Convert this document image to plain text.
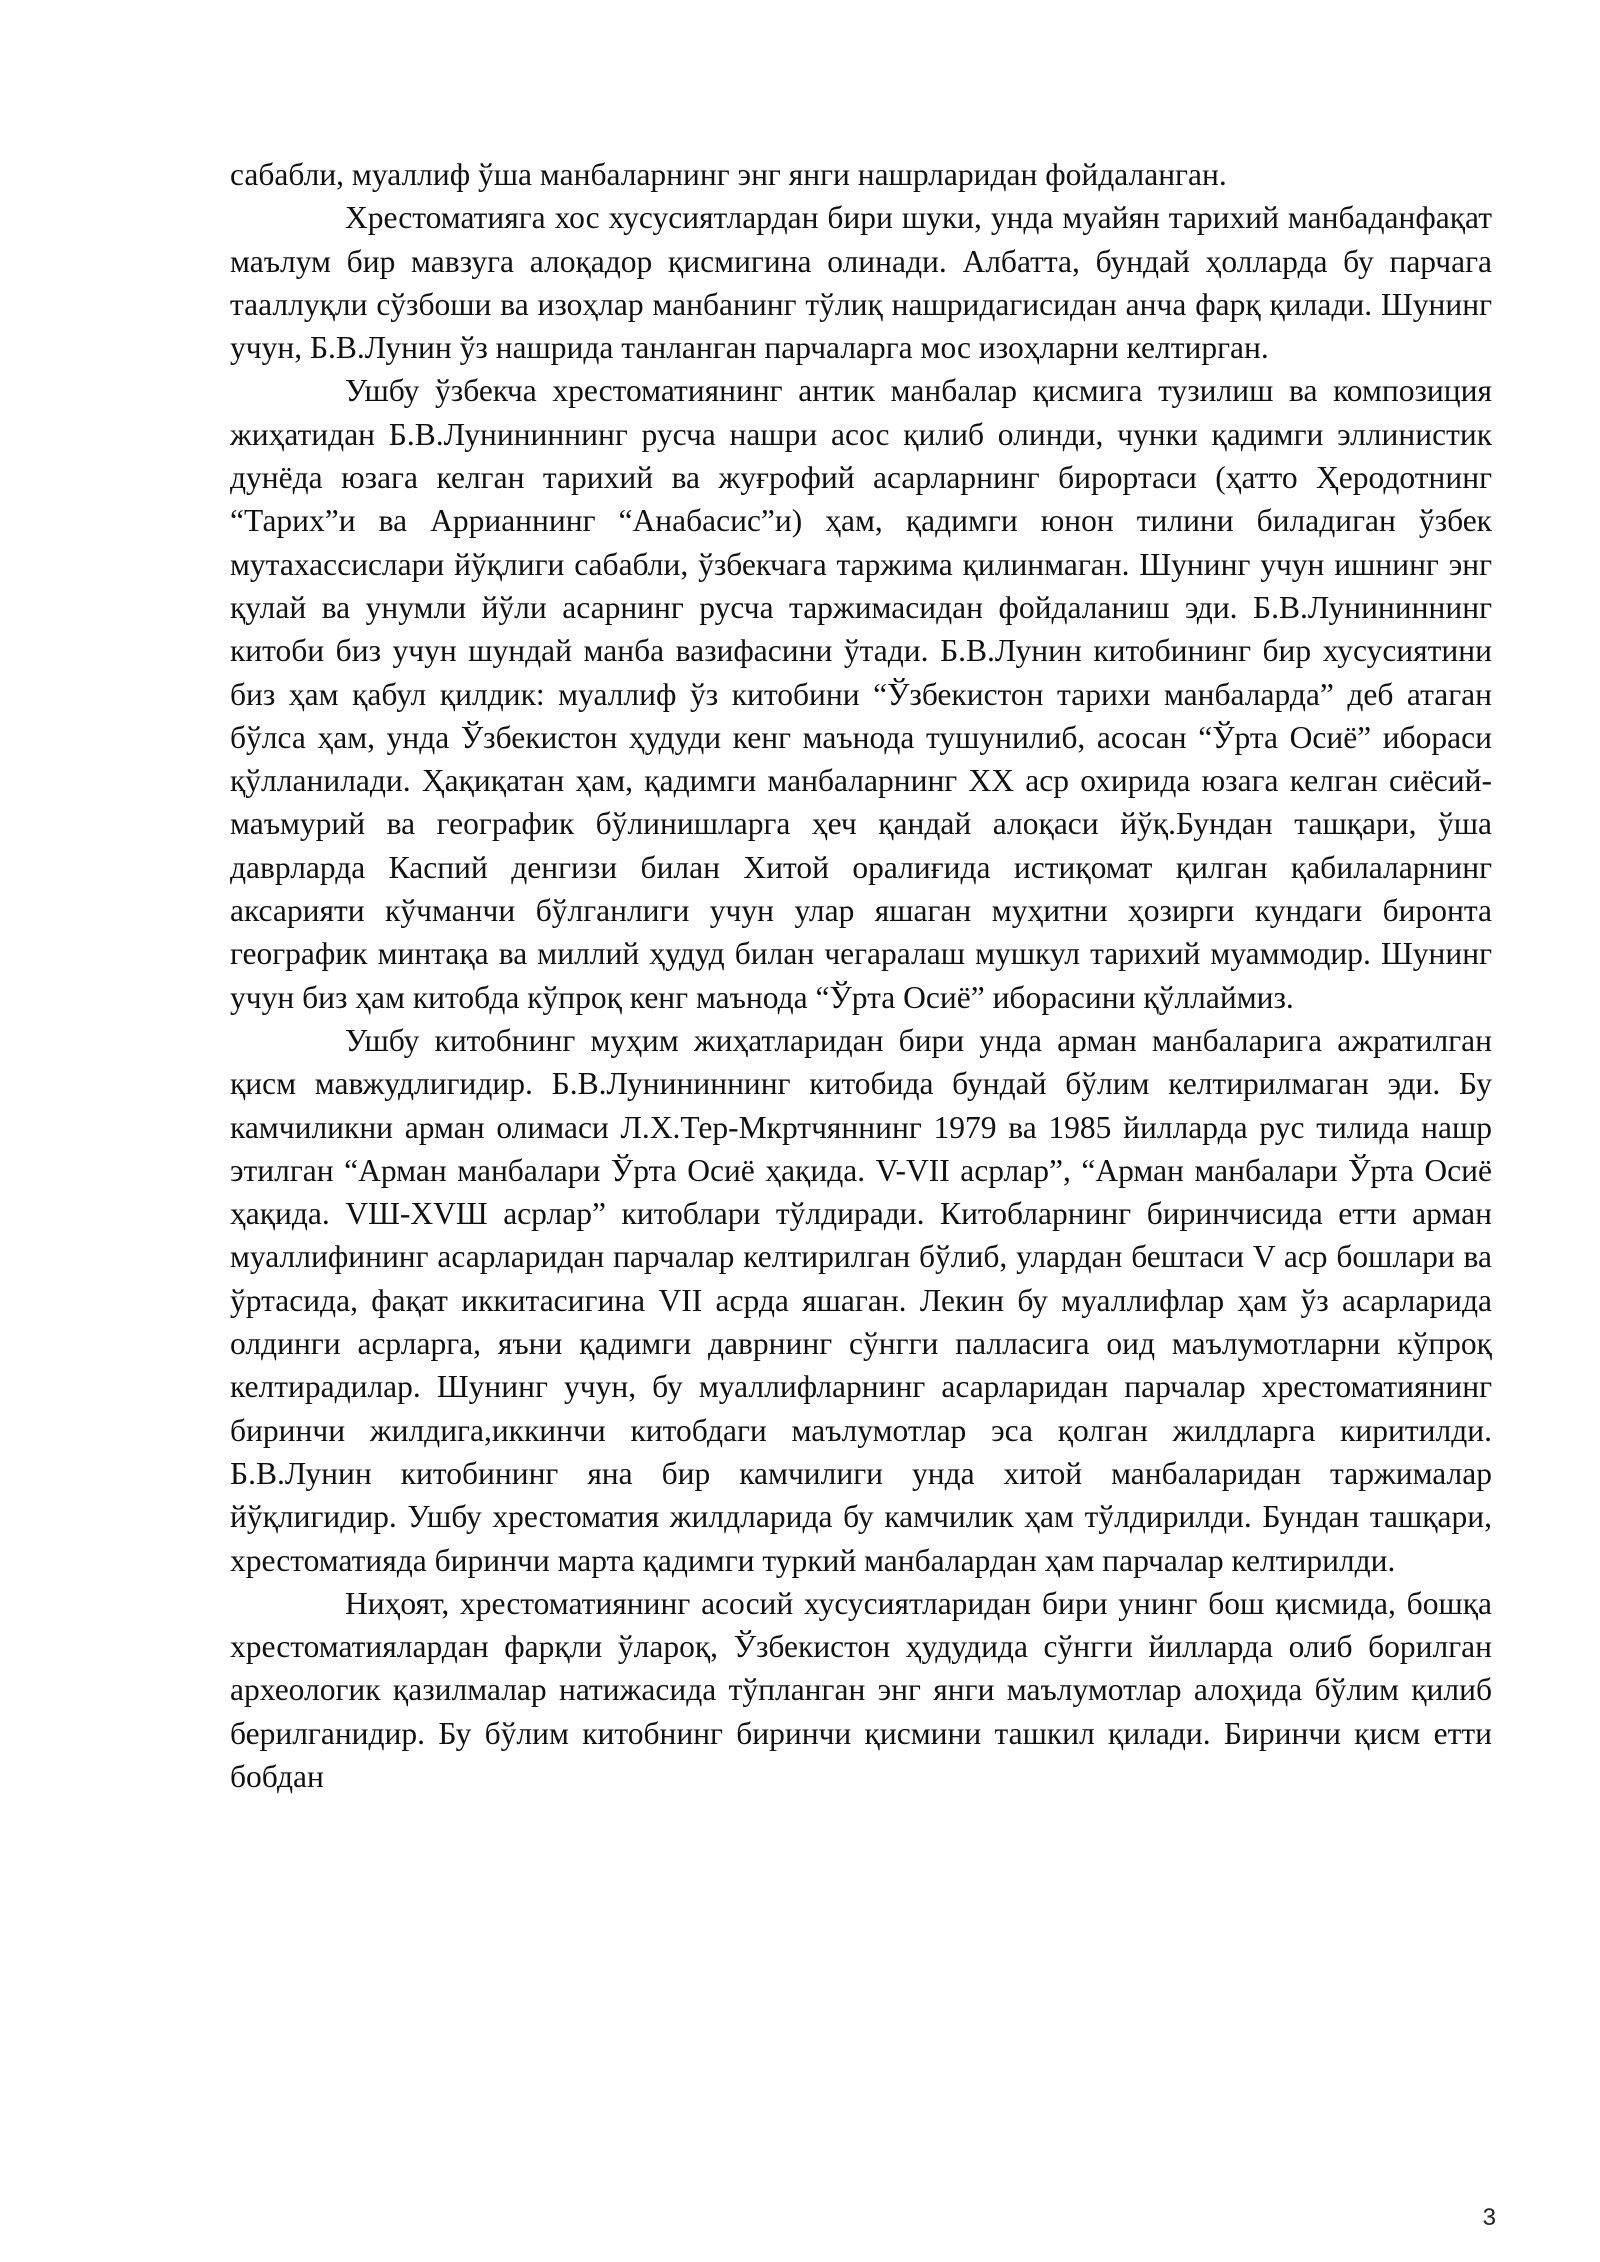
сабабли, муаллиф ўша манбаларнинг энг янги нашрларидан фойдаланган.

Хрестоматияга хос хусусиятлардан бири шуки, унда муайян тарихий манбаданфақат маълум бир мавзуга алоқадор қисмигина олинади. Албатта, бундай ҳолларда бу парчага тааллуқли сўзбоши ва изоҳлар манбанинг тўлиқ нашридагисидан анча фарқ қилади. Шунинг учун, Б.В.Лунин ўз нашрида танланган парчаларга мос изоҳларни келтирган.

Ушбу ўзбекча хрестоматиянинг антик манбалар қисмига тузилиш ва композиция жиҳатидан Б.В.Лунининнинг русча нашри асос қилиб олинди, чунки қадимги эллинистик дунёда юзага келган тарихий ва жуғрофий асарларнинг бирортаси (ҳатто Ҳеродотнинг “Тарих”и ва Аррианнинг “Анабасис”и) ҳам, қадимги юнон тилини биладиган ўзбек мутахассислари йўқлиги сабабли, ўзбекчага таржима қилинмаган. Шунинг учун ишнинг энг қулай ва унумли йўли асарнинг русча таржимасидан фойдаланиш эди. Б.В.Лунининнинг китоби биз учун шундай манба вазифасини ўтади. Б.В.Лунин китобининг бир хусусиятини биз ҳам қабул қилдик: муаллиф ўз китобини “Ўзбекистон тарихи манбаларда” деб атаган бўлса ҳам, унда Ўзбекистон ҳудуди кенг маънода тушунилиб, асосан “Ўрта Осиё” ибораси қўлланилади. Ҳақиқатан ҳам, қадимги манбаларнинг XX аср охирида юзага келган сиёсий-маъмурий ва географик бўлинишларга ҳеч қандай алоқаси йўқ.Бундан ташқари, ўша даврларда Каспий денгизи билан Хитой оралиғида истиқомат қилган қабилаларнинг аксарияти кўчманчи бўлганлиги учун улар яшаган муҳитни ҳозирги кундаги биронта географик минтақа ва миллий ҳудуд билан чегаралаш мушкул тарихий муаммодир. Шунинг учун биз ҳам китобда кўпроқ кенг маънода “Ўрта Осиё” иборасини қўллаймиз.

Ушбу китобнинг муҳим жиҳатларидан бири унда арман манбаларига ажратилган қисм мавжудлигидир. Б.В.Лунининнинг китобида бундай бўлим келтирилмаган эди. Бу камчиликни арман олимаси Л.Х.Тер-Мкртчяннинг 1979 ва 1985 йилларда рус тилида нашр этилган “Арман манбалари Ўрта Осиё ҳақида. V-VII асрлар”, “Арман манбалари Ўрта Осиё ҳақида. VШ-XVШ асрлар” китоблари тўлдиради. Китобларнинг биринчисида етти арман муаллифининг асарларидан парчалар келтирилган бўлиб, улардан бештаси V аср бошлари ва ўртасида, фақат иккитасигина VII асрда яшаган. Лекин бу муаллифлар ҳам ўз асарларида олдинги асрларга, яъни қадимги даврнинг сўнгги палласига оид маълумотларни кўпроқ келтирадилар. Шунинг учун, бу муаллифларнинг асарларидан парчалар хрестоматиянинг биринчи жилдига,иккинчи китобдаги маълумотлар эса қолган жилдларга киритилди. Б.В.Лунин китобининг яна бир камчилиги унда хитой манбаларидан таржималар йўқлигидир. Ушбу хрестоматия жилдларида бу камчилик ҳам тўлдирилди. Бундан ташқари, хрестоматияда биринчи марта қадимги туркий манбалардан ҳам парчалар келтирилди.

Ниҳоят, хрестоматиянинг асосий хусусиятларидан бири унинг бош қисмида, бошқа хрестоматиялардан фарқли ўлароқ, Ўзбекистон ҳудудида сўнгги йилларда олиб борилган археологик қазилмалар натижасида тўпланган энг янги маълумотлар алоҳида бўлим қилиб берилганидир. Бу бўлим китобнинг биринчи қисмини ташкил қилади. Биринчи қисм етти бобдан

3
